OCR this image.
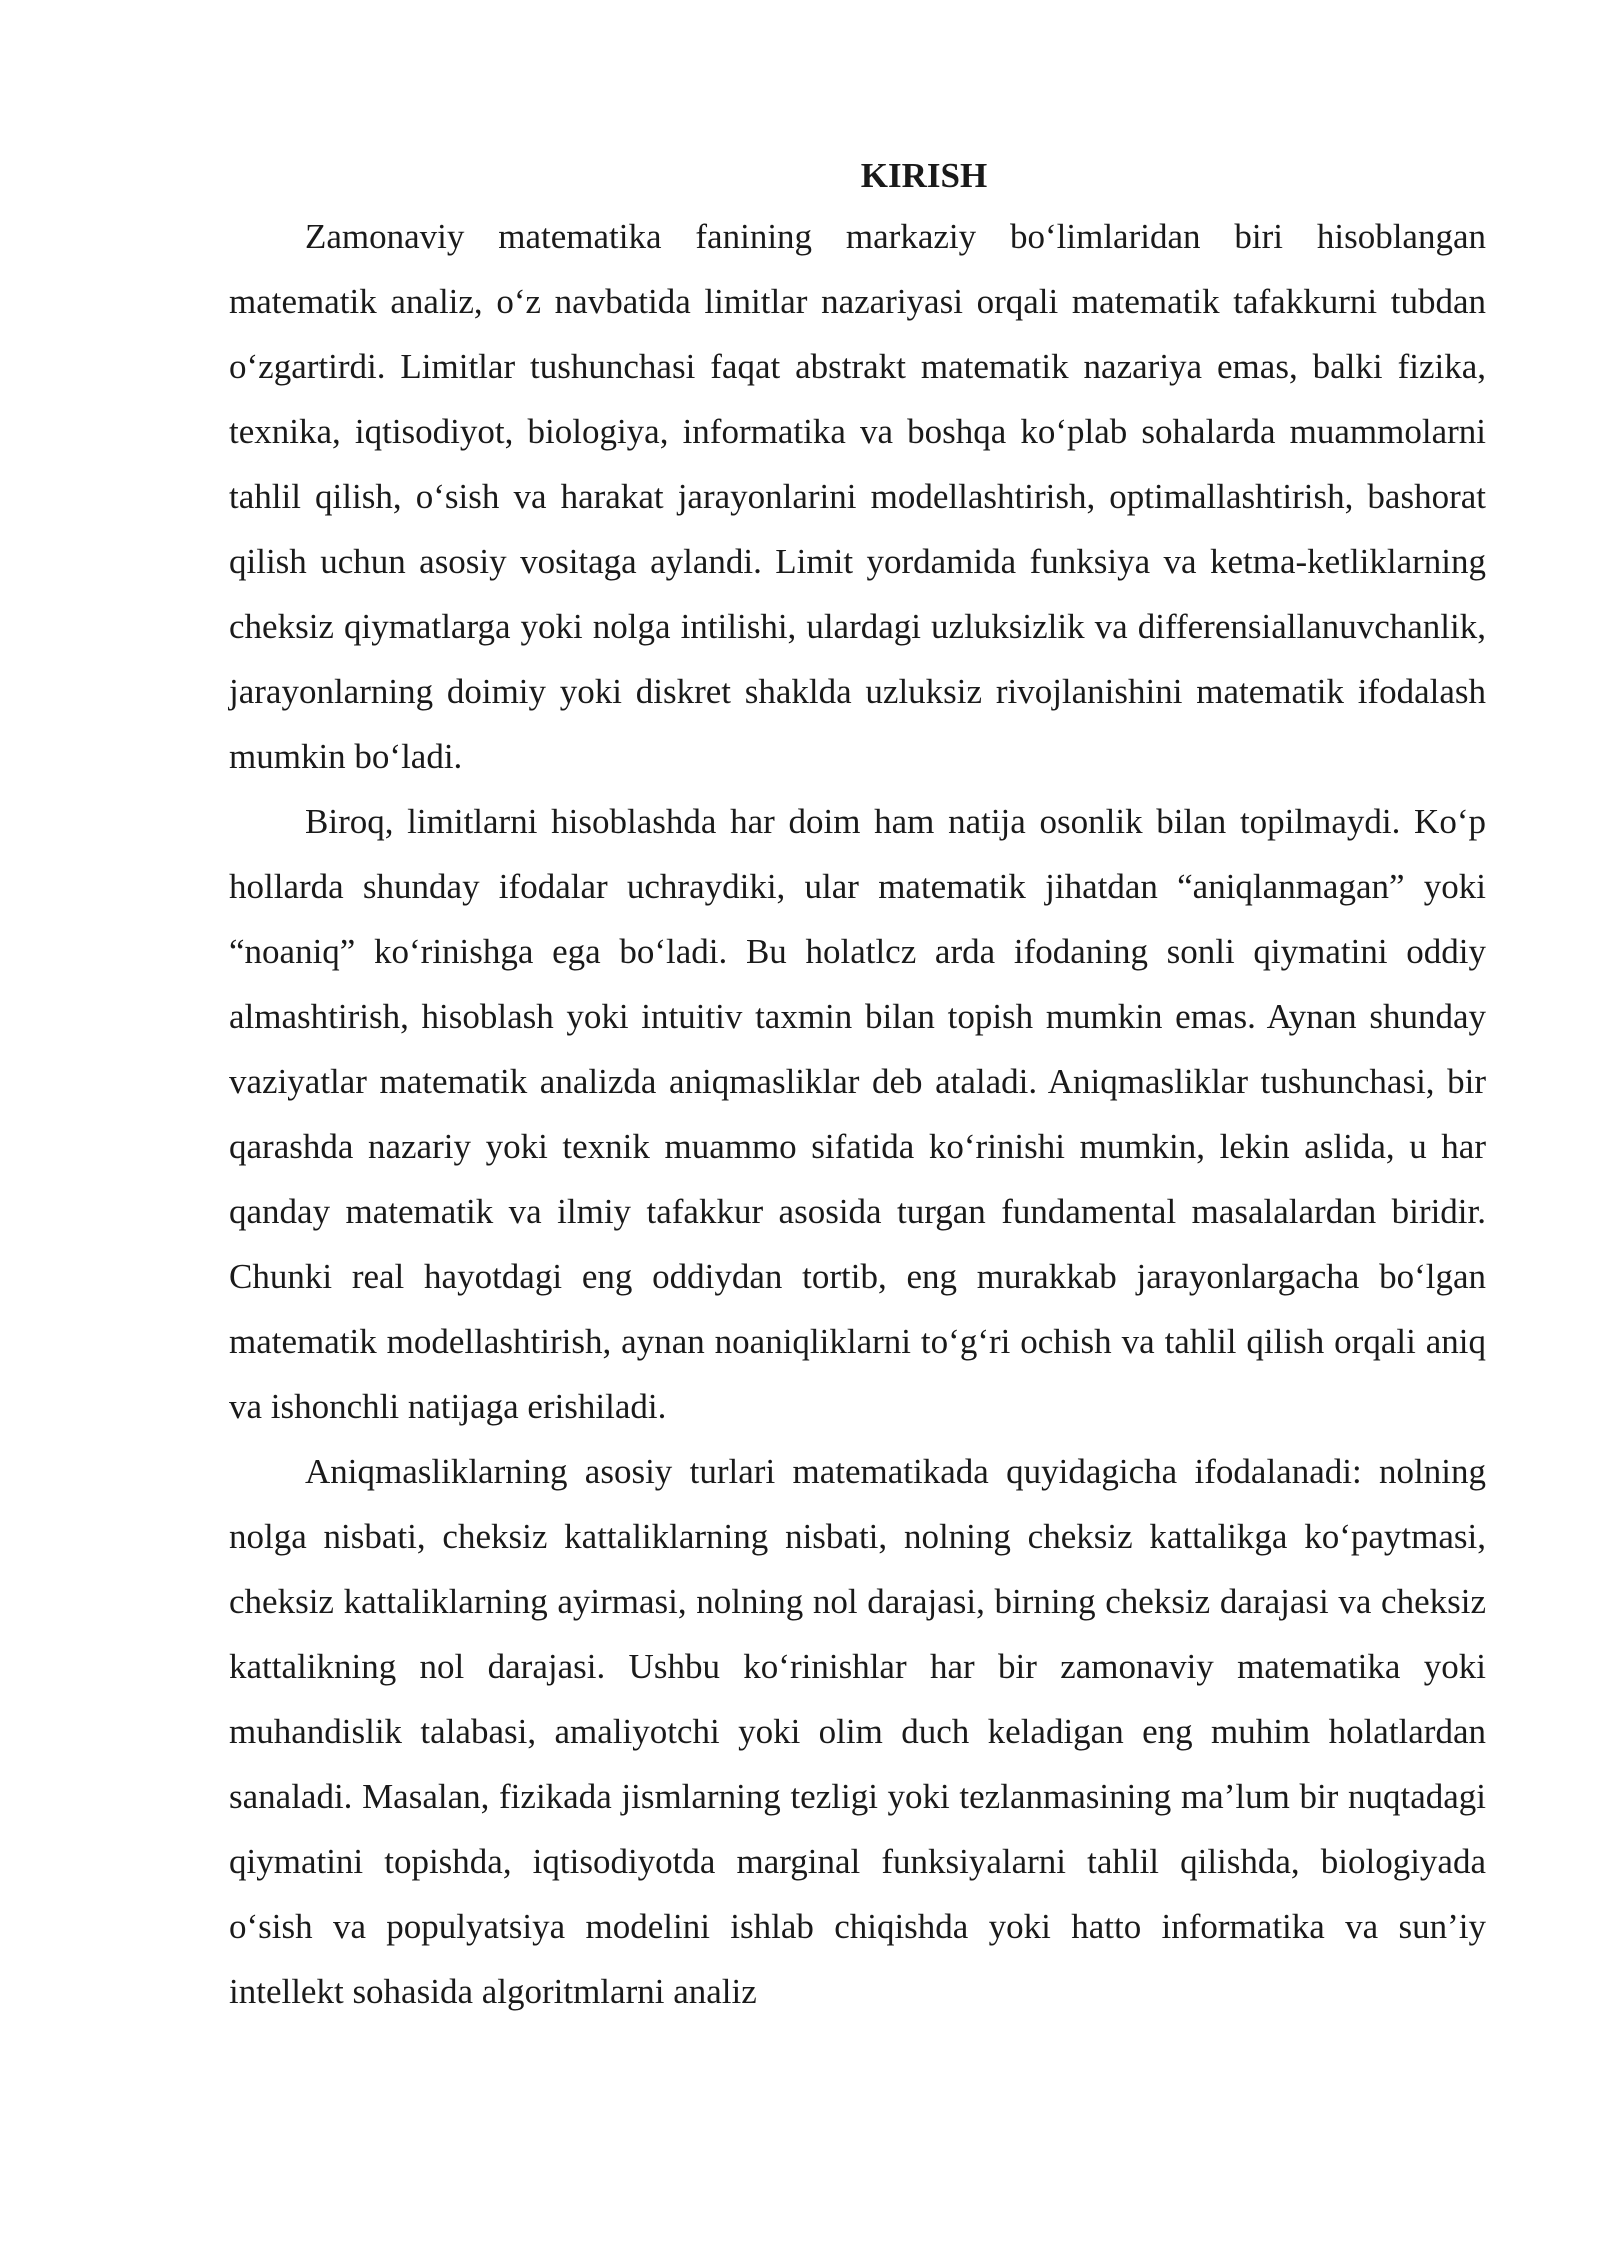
KIRISH

Zamonaviy matematika fanining markaziy bo‘limlaridan biri hisoblangan matematik analiz, o‘z navbatida limitlar nazariyasi orqali matematik tafakkurni tubdan o‘zgartirdi. Limitlar tushunchasi faqat abstrakt matematik nazariya emas, balki fizika, texnika, iqtisodiyot, biologiya, informatika va boshqa ko‘plab sohalarda muammolarni tahlil qilish, o‘sish va harakat jarayonlarini modellashtirish, optimallashtirish, bashorat qilish uchun asosiy vositaga aylandi. Limit yordamida funksiya va ketma-ketliklarning cheksiz qiymatlarga yoki nolga intilishi, ulardagi uzluksizlik va differensiallanuvchanlik, jarayonlarning doimiy yoki diskret shaklda uzluksiz rivojlanishini matematik ifodalash mumkin bo‘ladi.

Biroq, limitlarni hisoblashda har doim ham natija osonlik bilan topilmaydi. Ko‘p hollarda shunday ifodalar uchraydiki, ular matematik jihatdan “aniqlanmagan” yoki “noaniq” ko‘rinishga ega bo‘ladi. Bu holatlcz arda ifodaning sonli qiymatini oddiy almashtirish, hisoblash yoki intuitiv taxmin bilan topish mumkin emas. Aynan shunday vaziyatlar matematik analizda aniqmasliklar deb ataladi. Aniqmasliklar tushunchasi, bir qarashda nazariy yoki texnik muammo sifatida ko‘rinishi mumkin, lekin aslida, u har qanday matematik va ilmiy tafakkur asosida turgan fundamental masalalardan biridir. Chunki real hayotdagi eng oddiydan tortib, eng murakkab jarayonlargacha bo‘lgan matematik modellashtirish, aynan noaniqliklarni to‘g‘ri ochish va tahlil qilish orqali aniq va ishonchli natijaga erishiladi.

Aniqmasliklarning asosiy turlari matematikada quyidagicha ifodalanadi: nolning nolga nisbati, cheksiz kattaliklarning nisbati, nolning cheksiz kattalikga ko‘paytmasi, cheksiz kattaliklarning ayirmasi, nolning nol darajasi, birning cheksiz darajasi va cheksiz kattalikning nol darajasi. Ushbu ko‘rinishlar har bir zamonaviy matematika yoki muhandislik talabasi, amaliyotchi yoki olim duch keladigan eng muhim holatlardan sanaladi. Masalan, fizikada jismlarning tezligi yoki tezlanmasining ma’lum bir nuqtadagi qiymatini topishda, iqtisodiyotda marginal funksiyalarni tahlil qilishda, biologiyada o‘sish va populyatsiya modelini ishlab chiqishda yoki hatto informatika va sun’iy intellekt sohasida algoritmlarni analiz
